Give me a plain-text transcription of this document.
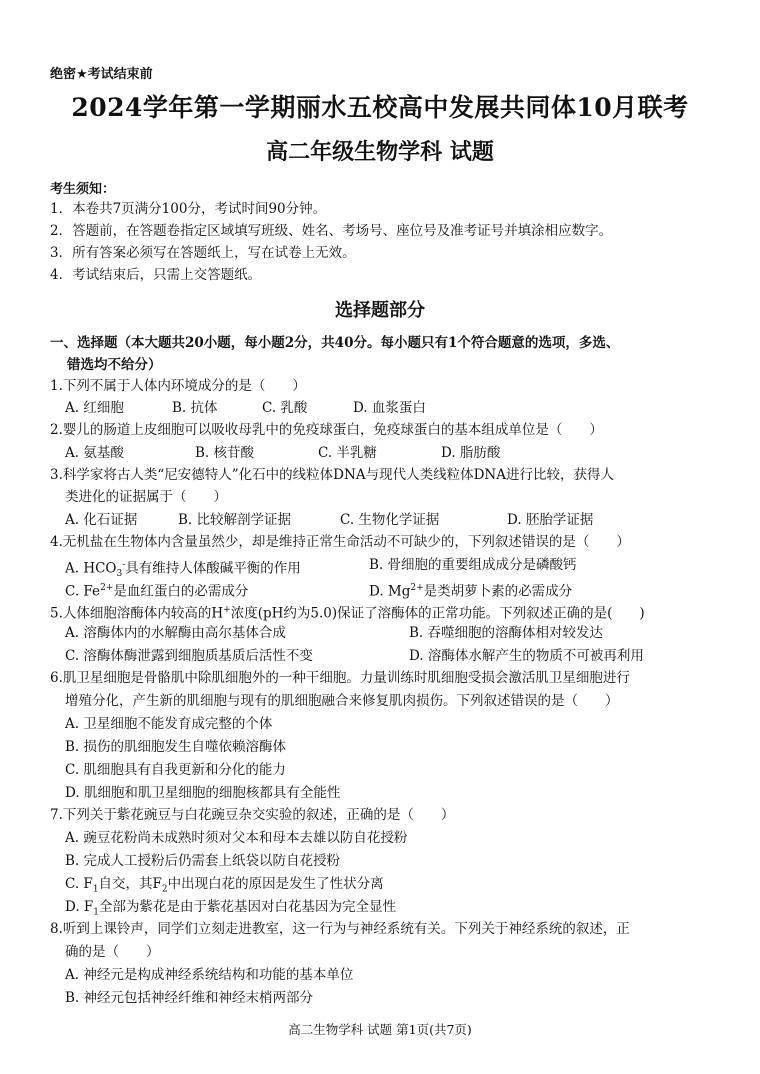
绝密★考试结束前
2024学年第一学期丽水五校高中发展共同体10月联考
高二年级生物学科 试题
考生须知：
1．本卷共7页满分100分，考试时间90分钟。
2．答题前，在答题卷指定区域填写班级、姓名、考场号、座位号及准考证号并填涂相应数字。
3．所有答案必须写在答题纸上，写在试卷上无效。
4．考试结束后，只需上交答题纸。
选择题部分
一、选择题（本大题共20小题，每小题2分，共40分。每小题只有1个符合题意的选项，多选、
错选均不给分）
1.下列不属于人体内环境成分的是（　　）
A. 红细胞	B. 抗体	C. 乳酸	D. 血浆蛋白
2.婴儿的肠道上皮细胞可以吸收母乳中的免疫球蛋白，免疫球蛋白的基本组成单位是（　　）
A. 氨基酸	B. 核苷酸	C. 半乳糖	D. 脂肪酸
3.科学家将古人类“尼安德特人”化石中的线粒体DNA与现代人类线粒体DNA进行比较，获得人
类进化的证据属于（　　）
A. 化石证据	B. 比较解剖学证据	C. 生物化学证据	D. 胚胎学证据
4.无机盐在生物体内含量虽然少，却是维持正常生命活动不可缺少的，下列叙述错误的是（　　）
A. $HCO_3^-$具有维持人体酸碱平衡的作用	B. 骨细胞的重要组成成分是磷酸钙
C. $Fe^{2+}$是血红蛋白的必需成分	D. $Mg^{2+}$是类胡萝卜素的必需成分
5.人体细胞溶酶体内较高的H+浓度(pH约为5.0)保证了溶酶体的正常功能。下列叙述正确的是(　　)
A. 溶酶体内的水解酶由高尔基体合成	B. 吞噬细胞的溶酶体相对较发达
C. 溶酶体酶泄露到细胞质基质后活性不变	D. 溶酶体水解产生的物质不可被再利用
6.肌卫星细胞是骨骼肌中除肌细胞外的一种干细胞。力量训练时肌细胞受损会激活肌卫星细胞进行
增殖分化，产生新的肌细胞与现有的肌细胞融合来修复肌肉损伤。下列叙述错误的是（　　）
A. 卫星细胞不能发育成完整的个体
B. 损伤的肌细胞发生自噬依赖溶酶体
C. 肌细胞具有自我更新和分化的能力
D. 肌细胞和肌卫星细胞的细胞核都具有全能性
7.下列关于紫花豌豆与白花豌豆杂交实验的叙述，正确的是（　　）
A. 豌豆花粉尚未成熟时须对父本和母本去雄以防自花授粉
B. 完成人工授粉后仍需套上纸袋以防自花授粉
C. $F_1$自交，其$F_2$中出现白花的原因是发生了性状分离
D. $F_1$全部为紫花是由于紫花基因对白花基因为完全显性
8.听到上课铃声，同学们立刻走进教室，这一行为与神经系统有关。下列关于神经系统的叙述，正
确的是（　　）
A. 神经元是构成神经系统结构和功能的基本单位
B. 神经元包括神经纤维和神经末梢两部分
高二生物学科 试题 第1页(共7页)
